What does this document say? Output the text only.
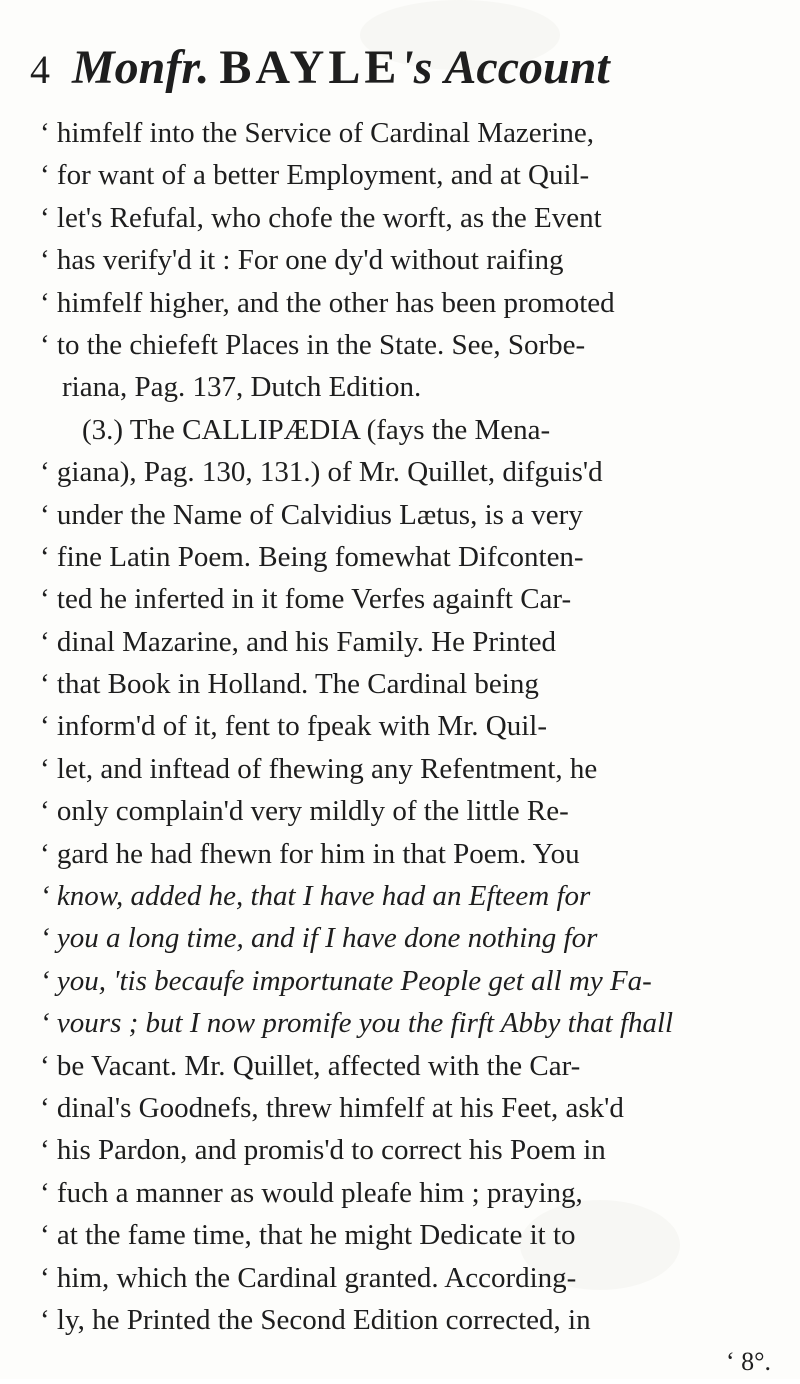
4 Monfr. BAYLE's Account
‘ himfelf into the Service of Cardinal Mazerine,
‘ for want of a better Employment, and at Quil-
‘ let's Refufal, who chofe the worft, as the Event
‘ has verify'd it : For one dy'd without raifing
‘ himfelf higher, and the other has been promoted
‘ to the chiefeft Places in the State. See, Sorbe-
riana, Pag. 137, Dutch Edition.
(3.) The CALLIPÆDIA (fays the Mena-
‘ giana), Pag. 130, 131.) of Mr. Quillet, difguis'd
‘ under the Name of Calvidius Lætus, is a very
‘ fine Latin Poem. Being fomewhat Difconten-
‘ ted he inferted in it fome Verfes againft Car-
‘ dinal Mazarine, and his Family. He Printed
‘ that Book in Holland. The Cardinal being
‘ inform'd of it, fent to fpeak with Mr. Quil-
‘ let, and inftead of fhewing any Refentment, he
‘ only complain'd very mildly of the little Re-
‘ gard he had fhewn for him in that Poem. You
‘ know, added he, that I have had an Efteem for
‘ you a long time, and if I have done nothing for
‘ you, 'tis becaufe importunate People get all my Fa-
‘ vours ; but I now promife you the firft Abby that fhall
‘ be Vacant. Mr. Quillet, affected with the Car-
‘ dinal's Goodnefs, threw himfelf at his Feet, ask'd
‘ his Pardon, and promis'd to correct his Poem in
‘ fuch a manner as would pleafe him ; praying,
‘ at the fame time, that he might Dedicate it to
‘ him, which the Cardinal granted. According-
‘ ly, he Printed the Second Edition corrected, in
‘ 8°.
